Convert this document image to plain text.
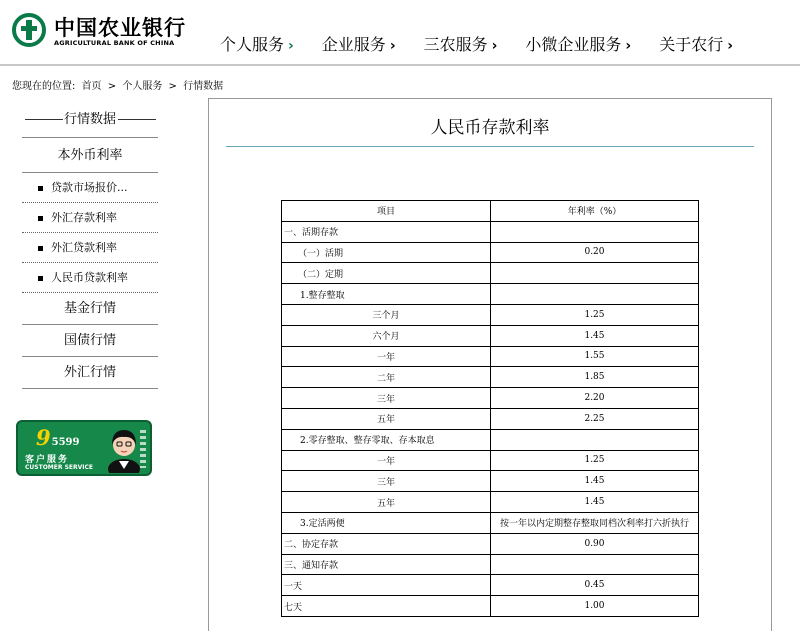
中国农业银行
AGRICULTURAL BANK OF CHINA	个人服务 › 企业服务 › 三农服务 › 小微企业服务 › 关于农行 ›
您现在的位置: 首页 > 个人服务 > 行情数据
行情数据
本外币利率
贷款市场报价...
外汇存款利率
外汇贷款利率
人民币贷款利率
基金行情
国债行情
外汇行情
95599
客户服务
CUSTOMER SERVICE
人民币存款利率
项目	年利率（%）
一、活期存款	
（一）活期	0.20
（二）定期	
1.整存整取	
三个月	1.25
六个月	1.45
一年	1.55
二年	1.85
三年	2.20
五年	2.25
2.零存整取、整存零取、存本取息	
一年	1.25
三年	1.45
五年	1.45
3.定活两便	按一年以内定期整存整取同档次利率打六折执行
二、协定存款	0.90
三、通知存款	
一天	0.45
七天	1.00
